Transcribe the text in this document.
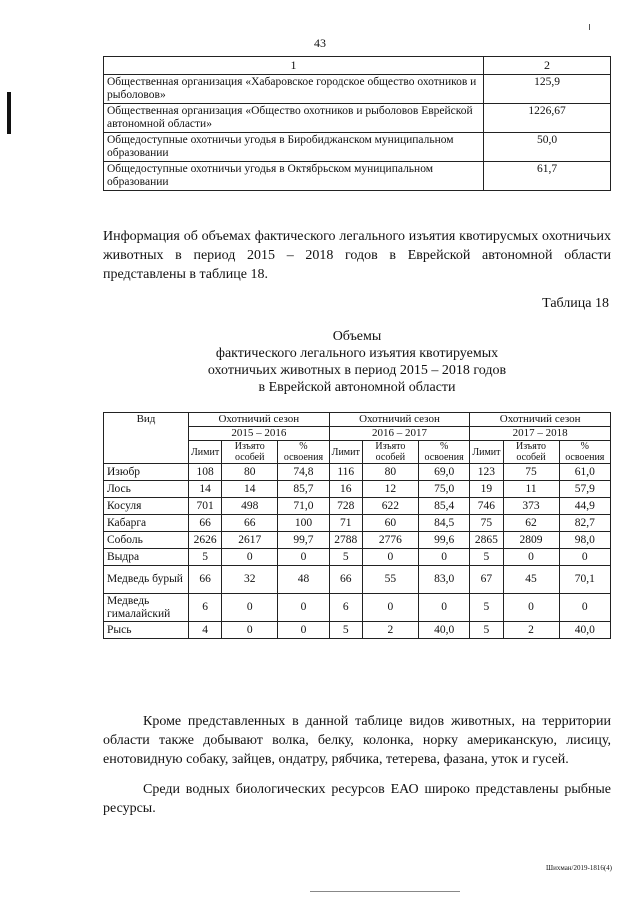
43
1	2
Общественная организация «Хабаровское городское общество охотников и рыболовов»	125,9
Общественная организация «Общество охотников и рыболовов Еврейской автономной области»	1226,67
Общедоступные охотничьи угодья в Биробиджанском муниципальном образовании	50,0
Общедоступные охотничьи угодья в Октябрьском муниципальном образовании	61,7
Информация об объемах фактического легального изъятия квотирусмых охотничьих животных в период 2015 – 2018 годов в Еврейской автономной области представлены в таблице 18.
Таблица 18
Объемы
фактического легального изъятия квотируемых
охотничьих животных в период 2015 – 2018 годов
в Еврейской автономной области
Вид	Охотничий сезон			Охотничий сезон			Охотничий сезон		
	2015 – 2016			2016 – 2017			2017 – 2018		
	Лимит	Изъято особей	% освоения	Лимит	Изъято особей	% освоения	Лимит	Изъято особей	% освоения
Изюбр	108	80	74,8	116	80	69,0	123	75	61,0
Лось	14	14	85,7	16	12	75,0	19	11	57,9
Косуля	701	498	71,0	728	622	85,4	746	373	44,9
Кабарга	66	66	100	71	60	84,5	75	62	82,7
Соболь	2626	2617	99,7	2788	2776	99,6	2865	2809	98,0
Выдра	5	0	0	5	0	0	5	0	0
Медведь бурый	66	32	48	66	55	83,0	67	45	70,1
Медведь гималайский	6	0	0	6	0	0	5	0	0
Рысь	4	0	0	5	2	40,0	5	2	40,0
Кроме представленных в данной таблице видов животных, на территории области также добывают волка, белку, колонка, норку американскую, лисицу, енотовидную собаку, зайцев, ондатру, рябчика, тетерева, фазана, уток и гусей.
Среди водных биологических ресурсов ЕАО широко представлены рыбные ресурсы.
Шихман/2019-1816(4)
